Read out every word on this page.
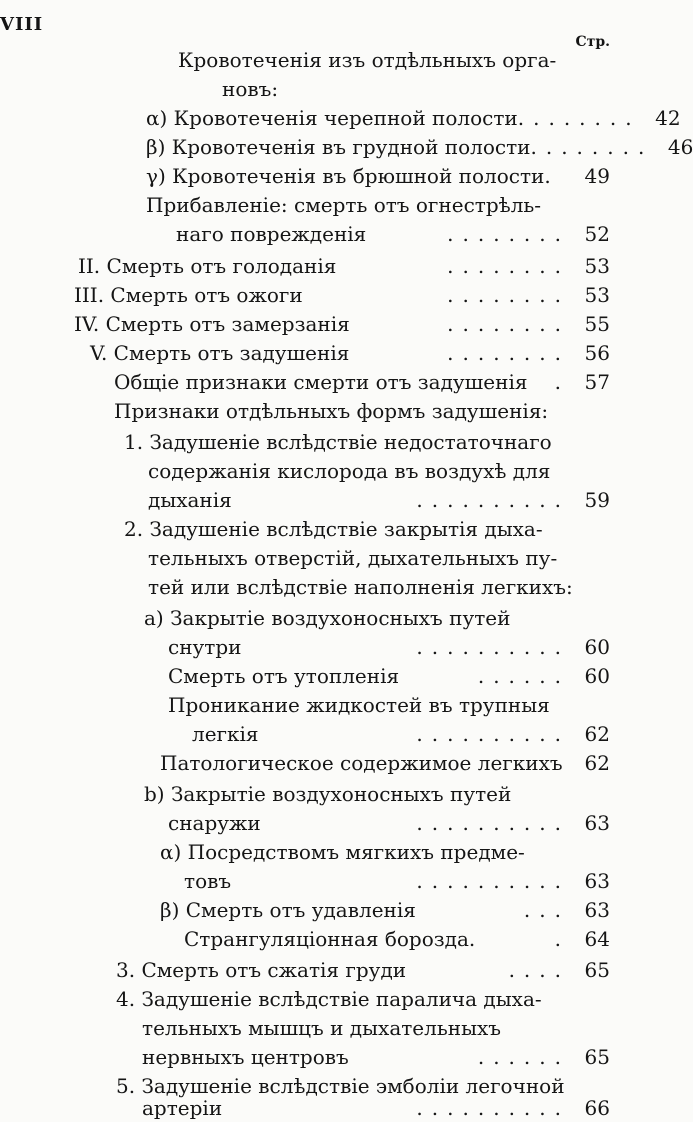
VIII
Стр.
Кровотеченія изъ отдѣльныхъ орга-
новъ:
α) Кровотеченія черепной полости ........ 42
β) Кровотеченія въ грудной полости ........ 46
γ) Кровотеченія въ брюшной полости.	49
Прибавленіе: смерть отъ огнестрѣль-
наго поврежденія	........ 52
II. Смерть отъ голоданія	........ 53
III. Смерть отъ ожоги	........ 53
IV. Смерть отъ замерзанія	........ 55
V. Смерть отъ задушенія	........ 56
Общіе признаки смерти отъ задушенія	. 57
Признаки отдѣльныхъ формъ задушенія:
1. Задушеніе вслѣдствіе недостаточнаго
содержанія кислорода въ воздухѣ для
дыханія	.......... 59
2. Задушеніе вслѣдствіе закрытія дыха-
тельныхъ отверстій, дыхательныхъ пу-
тей или вслѣдствіе наполненія легкихъ:
a) Закрытіе воздухоносныхъ путей
снутри	.......... 60
Смерть отъ утопленія	...... 60
Проникание жидкостей въ трупныя
легкія	.......... 62
Патологическое содержимое легкихъ	62
b) Закрытіе воздухоносныхъ путей
снаружи	.......... 63
α) Посредствомъ мягкихъ предме-
товъ	.......... 63
β) Смерть отъ удавленія	... 63
Странгуляціонная борозда.	. 64
3. Смерть отъ сжатія груди	.... 65
4. Задушеніе вслѣдствіе паралича дыха-
тельныхъ мышцъ и дыхательныхъ
нервныхъ центровъ	...... 65
5. Задушеніе вслѣдствіе эмболіи легочной
артеріи	.......... 66
